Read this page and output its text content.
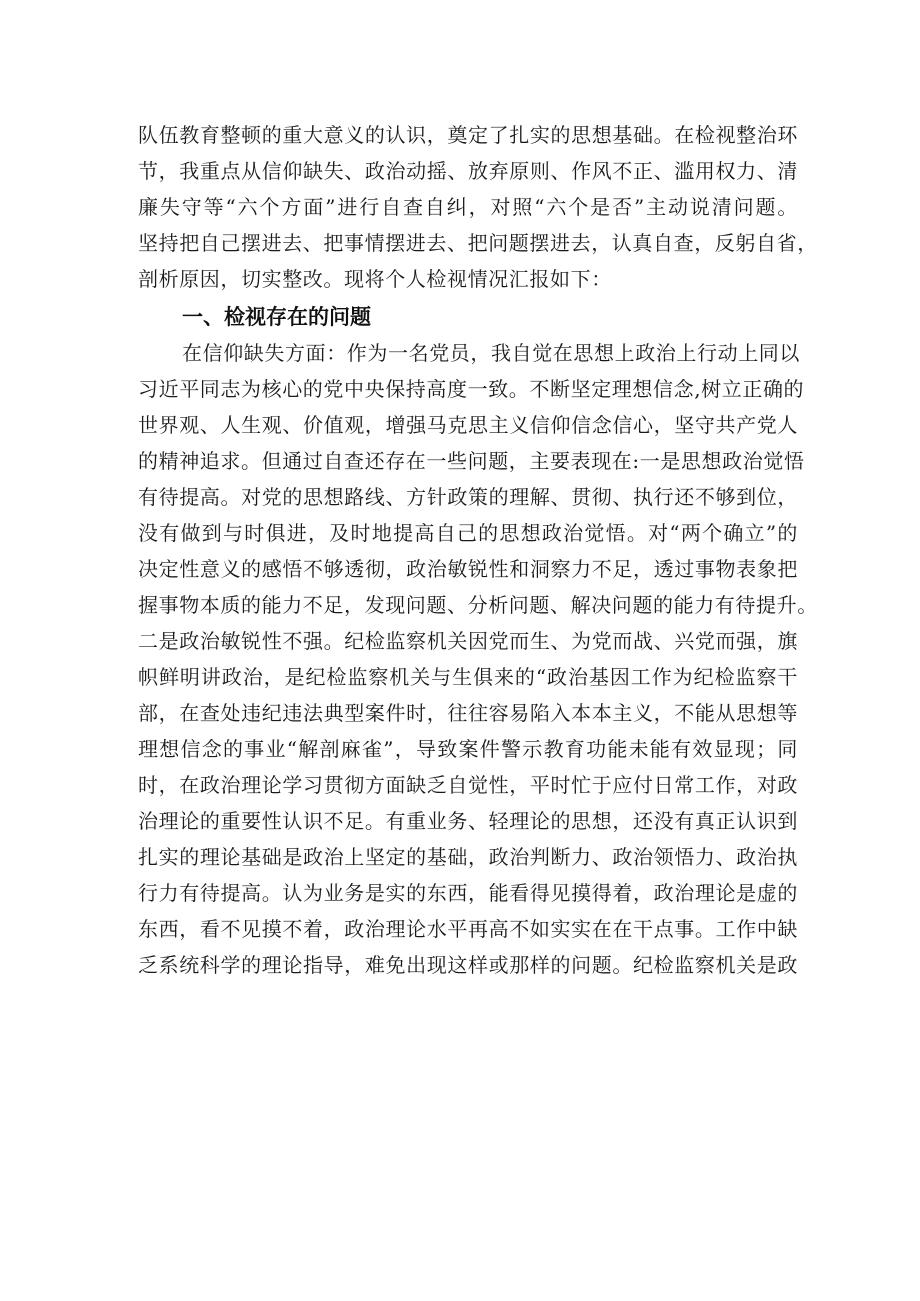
队伍教育整顿的重大意义的认识，奠定了扎实的思想基础。在检视整治环
节，我重点从信仰缺失、政治动摇、放弃原则、作风不正、滥用权力、清
廉失守等“六个方面”进行自查自纠，对照“六个是否”主动说清问题。
坚持把自己摆进去、把事情摆进去、把问题摆进去，认真自查，反躬自省，
剖析原因，切实整改。现将个人检视情况汇报如下：
一、检视存在的问题
在信仰缺失方面：作为一名党员，我自觉在思想上政治上行动上同以
习近平同志为核心的党中央保持高度一致。不断坚定理想信念,树立正确的
世界观、人生观、价值观，增强马克思主义信仰信念信心，坚守共产党人
的精神追求。但通过自查还存在一些问题，主要表现在:一是思想政治觉悟
有待提高。对党的思想路线、方针政策的理解、贯彻、执行还不够到位，
没有做到与时俱进，及时地提高自己的思想政治觉悟。对“两个确立”的
决定性意义的感悟不够透彻，政治敏锐性和洞察力不足，透过事物表象把
握事物本质的能力不足，发现问题、分析问题、解决问题的能力有待提升。
二是政治敏锐性不强。纪检监察机关因党而生、为党而战、兴党而强，旗
帜鲜明讲政治，是纪检监察机关与生俱来的“政治基因工作为纪检监察干
部，在查处违纪违法典型案件时，往往容易陷入本本主义，不能从思想等
理想信念的事业“解剖麻雀”，导致案件警示教育功能未能有效显现；同
时，在政治理论学习贯彻方面缺乏自觉性，平时忙于应付日常工作，对政
治理论的重要性认识不足。有重业务、轻理论的思想，还没有真正认识到
扎实的理论基础是政治上坚定的基础，政治判断力、政治领悟力、政治执
行力有待提高。认为业务是实的东西，能看得见摸得着，政治理论是虚的
东西，看不见摸不着，政治理论水平再高不如实实在在干点事。工作中缺
乏系统科学的理论指导，难免出现这样或那样的问题。纪检监察机关是政
